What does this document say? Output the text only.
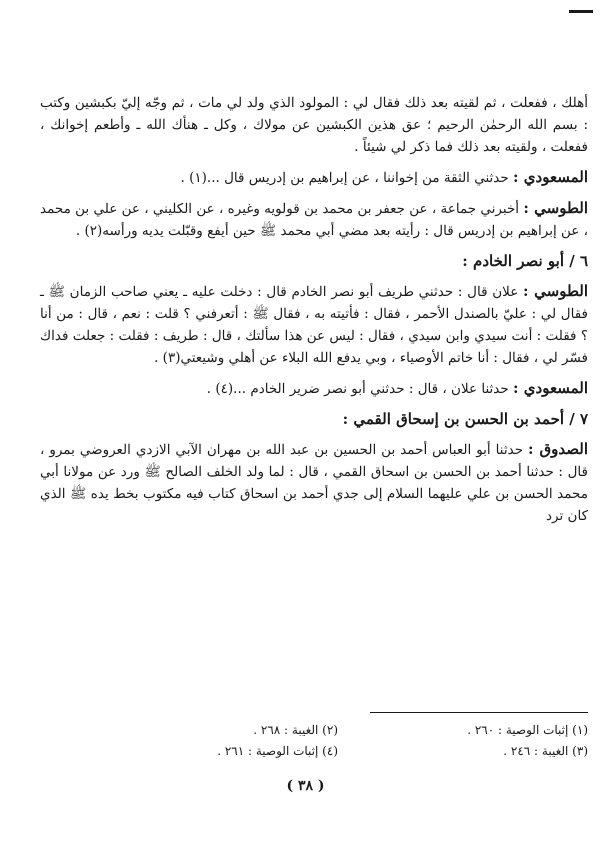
أهلك ، ففعلت ، ثم لقيته بعد ذلك فقال لي : المولود الذي ولد لي مات ، ثم وجّه إليّ بكبشين وكتب : بسم الله الرحمٰن الرحيم ؛ عق هذين الكبشين عن مولاك ، وكل ـ هنأك الله ـ وأطعم إخوانك ، ففعلت ، ولقيته بعد ذلك فما ذكر لي شيئاً .

المسعودي : حدثني الثقة من إخواننا ، عن إبراهيم بن إدريس قال ...(١) .

الطوسي : أخبرني جماعة ، عن جعفر بن محمد بن قولويه وغيره ، عن الكليني ، عن علي بن محمد ، عن إبراهيم بن إدريس قال : رأيته بعد مضي أبي محمد ﷺ حين أيفع وقبّلت يديه ورأسه(٢) .

٦ / أبو نصر الخادم :

الطوسي : علان قال : حدثني طريف أبو نصر الخادم قال : دخلت عليه ـ يعني صاحب الزمان ﷺ ـ فقال لي : عليّ بالصندل الأحمر ، فقال : فأتيته به ، فقال ﷺ : أتعرفني ؟ قلت : نعم ، قال : من أنا ؟ فقلت : أنت سيدي وابن سيدي ، فقال : ليس عن هذا سألتك ، قال : طريف : فقلت : جعلت فداك فسّر لي ، فقال : أنا خاتم الأوصياء ، وبي يدفع الله البلاء عن أهلي وشيعتي(٣) .

المسعودي : حدثنا علان ، قال : حدثني أبو نصر ضرير الخادم ...(٤) .

٧ / أحمد بن الحسن بن إسحاق القمي :

الصدوق : حدثنا أبو العباس أحمد بن الحسين بن عبد الله بن مهران الآبي الازدي العروضي بمرو ، قال : حدثنا أحمد بن الحسن بن اسحاق القمي ، قال : لما ولد الخلف الصالح ﷺ ورد عن مولانا أبي محمد الحسن بن علي عليهما السلام إلى جدي أحمد بن اسحاق كتاب فيه مكتوب بخط يده ﷺ الذي كان ترد

(١) إثبات الوصية : ٢٦٠ .
(٢) الغيبة : ٢٦٨ .
(٣) الغيبة : ٢٤٦ .
(٤) إثبات الوصية : ٢٦١ .
( ٣٨ )
